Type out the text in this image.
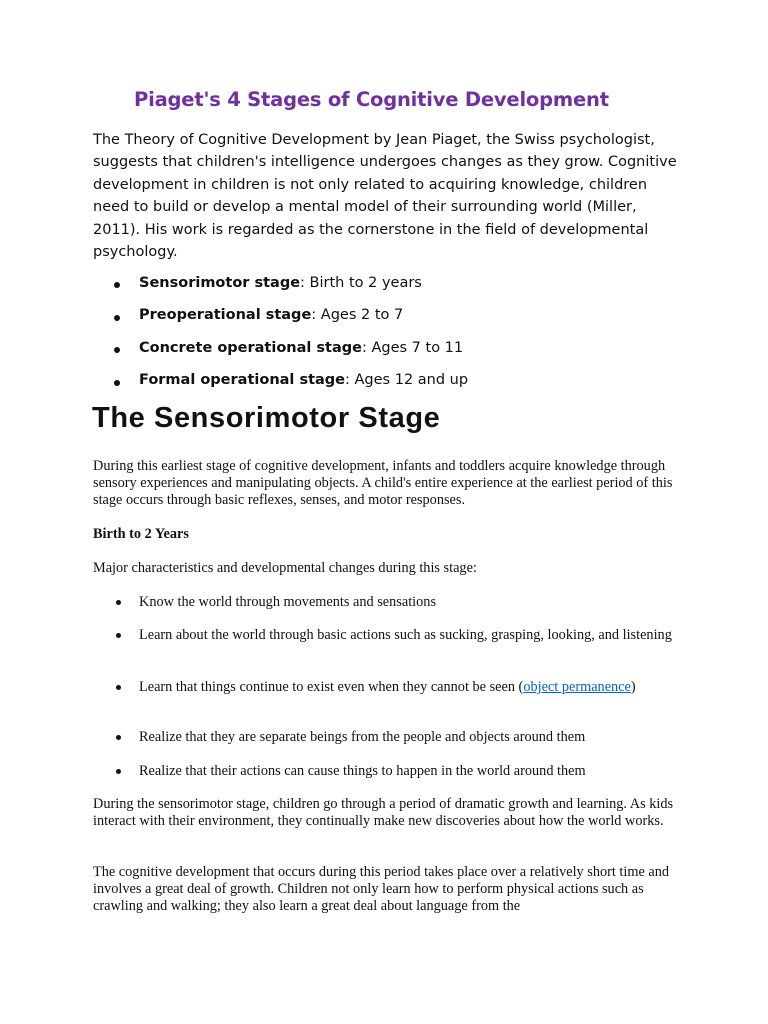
Piaget's 4 Stages of Cognitive Development

The Theory of Cognitive Development by Jean Piaget, the Swiss psychologist, suggests that children's intelligence undergoes changes as they grow. Cognitive development in children is not only related to acquiring knowledge, children need to build or develop a mental model of their surrounding world (Miller, 2011). His work is regarded as the cornerstone in the field of developmental psychology.

Sensorimotor stage: Birth to 2 years
Preoperational stage: Ages 2 to 7
Concrete operational stage: Ages 7 to 11
Formal operational stage: Ages 12 and up
The Sensorimotor Stage

During this earliest stage of cognitive development, infants and toddlers acquire knowledge through sensory experiences and manipulating objects. A child's entire experience at the earliest period of this stage occurs through basic reflexes, senses, and motor responses.

Birth to 2 Years

Major characteristics and developmental changes during this stage:

Know the world through movements and sensations

Learn about the world through basic actions such as sucking, grasping, looking, and listening

Learn that things continue to exist even when they cannot be seen (object permanence)

Realize that they are separate beings from the people and objects around them

Realize that their actions can cause things to happen in the world around them

During the sensorimotor stage, children go through a period of dramatic growth and learning. As kids interact with their environment, they continually make new discoveries about how the world works.

The cognitive development that occurs during this period takes place over a relatively short time and involves a great deal of growth. Children not only learn how to perform physical actions such as crawling and walking; they also learn a great deal about language from the
